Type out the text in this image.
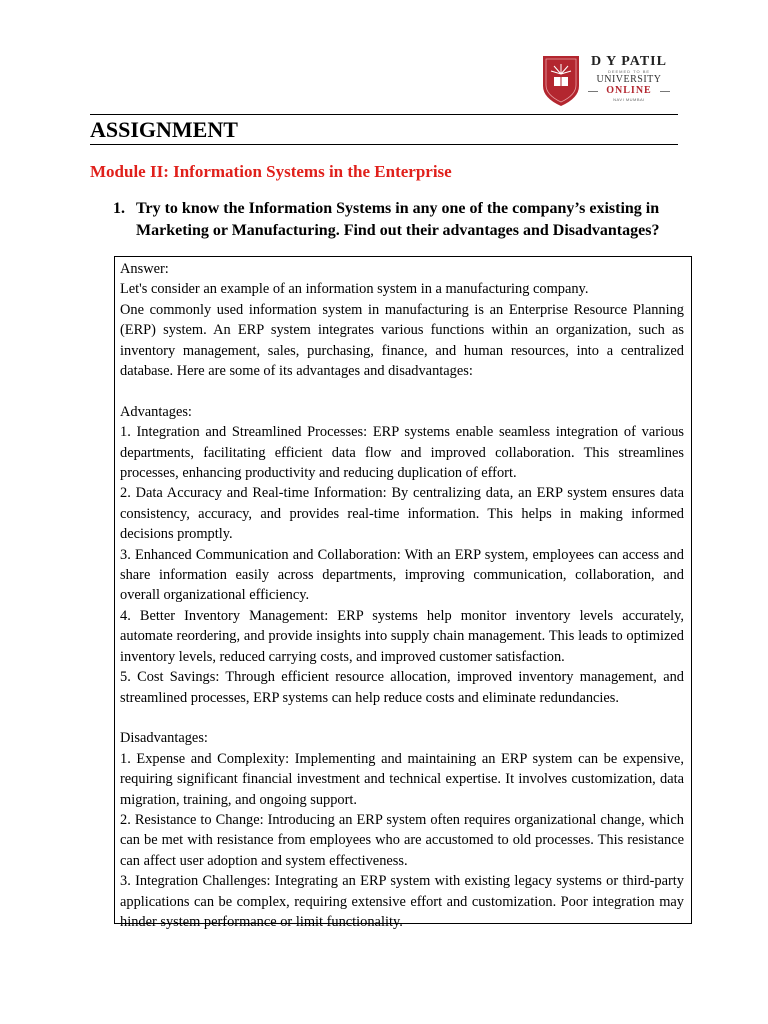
D Y PATIL
DEEMED TO BE
UNIVERSITY
ONLINE
NAVI MUMBAI
ASSIGNMENT
Module II: Information Systems in the Enterprise
1. Try to know the Information Systems in any one of the company’s existing in Marketing or Manufacturing. Find out their advantages and Disadvantages?

Answer:

Let's consider an example of an information system in a manufacturing company.

One commonly used information system in manufacturing is an Enterprise Resource Planning (ERP) system. An ERP system integrates various functions within an organization, such as inventory management, sales, purchasing, finance, and human resources, into a centralized database. Here are some of its advantages and disadvantages:

Advantages:

1. Integration and Streamlined Processes: ERP systems enable seamless integration of various departments, facilitating efficient data flow and improved collaboration. This streamlines processes, enhancing productivity and reducing duplication of effort.

2. Data Accuracy and Real-time Information: By centralizing data, an ERP system ensures data consistency, accuracy, and provides real-time information. This helps in making informed decisions promptly.

3. Enhanced Communication and Collaboration: With an ERP system, employees can access and share information easily across departments, improving communication, collaboration, and overall organizational efficiency.

4. Better Inventory Management: ERP systems help monitor inventory levels accurately, automate reordering, and provide insights into supply chain management. This leads to optimized inventory levels, reduced carrying costs, and improved customer satisfaction.

5. Cost Savings: Through efficient resource allocation, improved inventory management, and streamlined processes, ERP systems can help reduce costs and eliminate redundancies.

Disadvantages:

1. Expense and Complexity: Implementing and maintaining an ERP system can be expensive, requiring significant financial investment and technical expertise. It involves customization, data migration, training, and ongoing support.

2. Resistance to Change: Introducing an ERP system often requires organizational change, which can be met with resistance from employees who are accustomed to old processes. This resistance can affect user adoption and system effectiveness.

3. Integration Challenges: Integrating an ERP system with existing legacy systems or third-party applications can be complex, requiring extensive effort and customization. Poor integration may hinder system performance or limit functionality.
